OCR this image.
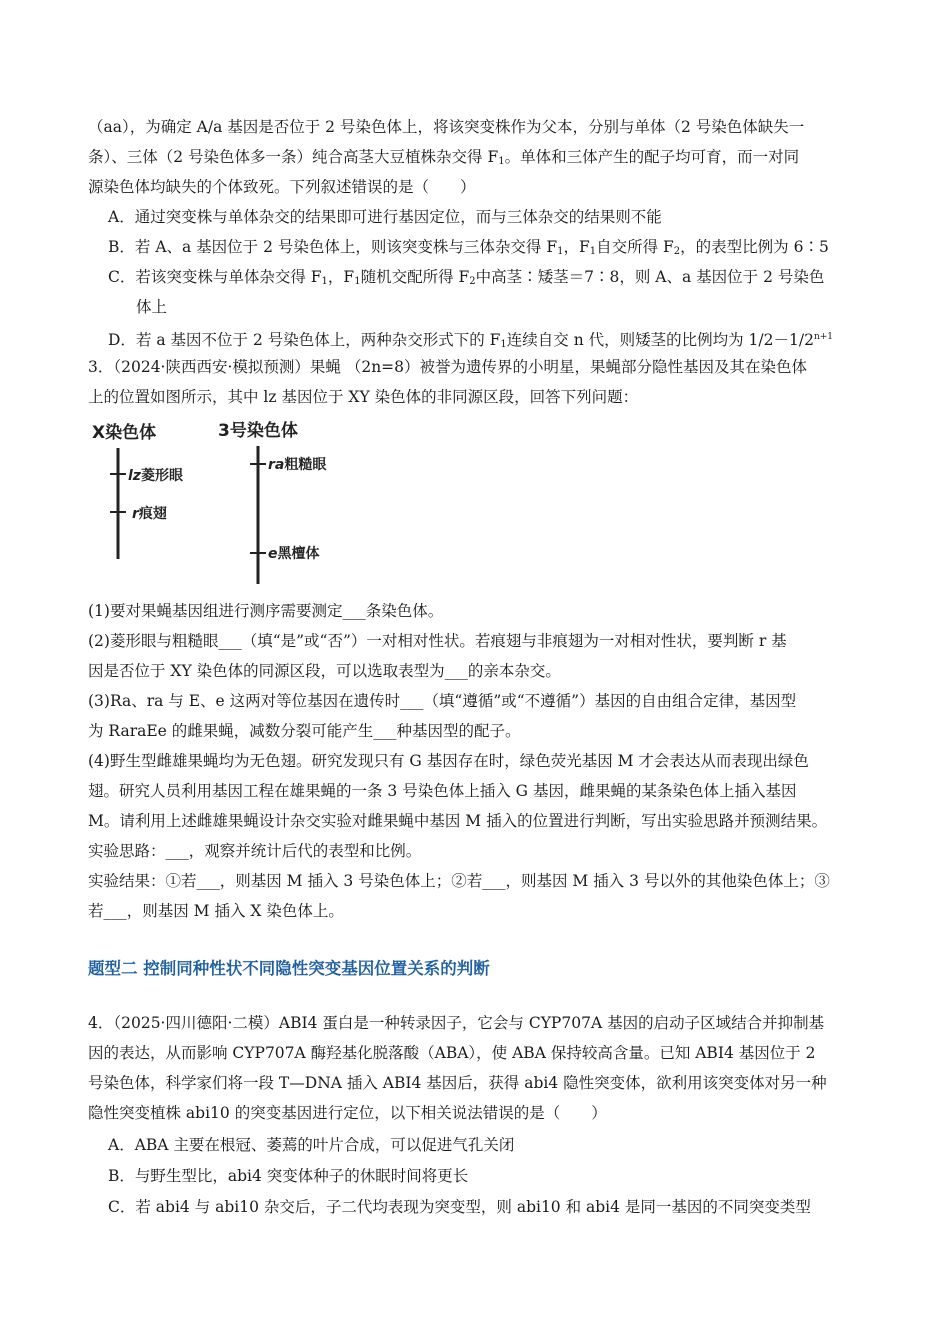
（aa），为确定 A/a 基因是否位于 2 号染色体上，将该突变株作为父本，分别与单体（2 号染色体缺失一
条）、三体（2 号染色体多一条）纯合高茎大豆植株杂交得 $F_1$。单体和三体产生的配子均可育，而一对同
源染色体均缺失的个体致死。下列叙述错误的是（　　）
A．通过突变株与单体杂交的结果即可进行基因定位，而与三体杂交的结果则不能
B．若 A、a 基因位于 2 号染色体上，则该突变株与三体杂交得 $F_1$，$F_1$自交所得 $F_2$，的表型比例为 6∶5
C．若该突变株与单体杂交得 $F_1$，$F_1$随机交配所得 $F_2$中高茎∶矮茎＝7∶8，则 A、a 基因位于 2 号染色
体上
D．若 a 基因不位于 2 号染色体上，两种杂交形式下的 $F_1$连续自交 n 代，则矮茎的比例均为 $1/2-1/2^{n+1}$
3．（2024·陕西西安·模拟预测）果蝇 （2n=8）被誉为遗传界的小明星，果蝇部分隐性基因及其在染色体
上的位置如图所示，其中 lz 基因位于 XY 染色体的非同源区段，回答下列问题：
X染色体	3号染色体
lz菱形眼
r痕翅
ra粗糙眼
e黑檀体
(1)要对果蝇基因组进行测序需要测定___条染色体。
(2)菱形眼与粗糙眼___（填“是”或“否”）一对相对性状。若痕翅与非痕翅为一对相对性状，要判断 r 基
因是否位于 XY 染色体的同源区段，可以选取表型为___的亲本杂交。
(3)Ra、ra 与 E、e 这两对等位基因在遗传时___（填“遵循”或“不遵循”）基因的自由组合定律，基因型
为 RaraEe 的雌果蝇，减数分裂可能产生___种基因型的配子。
(4)野生型雌雄果蝇均为无色翅。研究发现只有 G 基因存在时，绿色荧光基因 M 才会表达从而表现出绿色
翅。研究人员利用基因工程在雄果蝇的一条 3 号染色体上插入 G 基因，雌果蝇的某条染色体上插入基因
M。请利用上述雌雄果蝇设计杂交实验对雌果蝇中基因 M 插入的位置进行判断，写出实验思路并预测结果。
实验思路：___，观察并统计后代的表型和比例。
实验结果：①若___，则基因 M 插入 3 号染色体上；②若___，则基因 M 插入 3 号以外的其他染色体上；③
若___，则基因 M 插入 X 染色体上。
题型二 控制同种性状不同隐性突变基因位置关系的判断
4．（2025·四川德阳·二模）ABI4 蛋白是一种转录因子，它会与 CYP707A 基因的启动子区域结合并抑制基
因的表达，从而影响 CYP707A 酶羟基化脱落酸（ABA），使 ABA 保持较高含量。已知 ABI4 基因位于 2
号染色体，科学家们将一段 T—DNA 插入 ABI4 基因后，获得 abi4 隐性突变体，欲利用该突变体对另一种
隐性突变植株 abi10 的突变基因进行定位，以下相关说法错误的是（　　）
A．ABA 主要在根冠、萎蔫的叶片合成，可以促进气孔关闭
B．与野生型比，abi4 突变体种子的休眠时间将更长
C．若 abi4 与 abi10 杂交后，子二代均表现为突变型，则 abi10 和 abi4 是同一基因的不同突变类型
